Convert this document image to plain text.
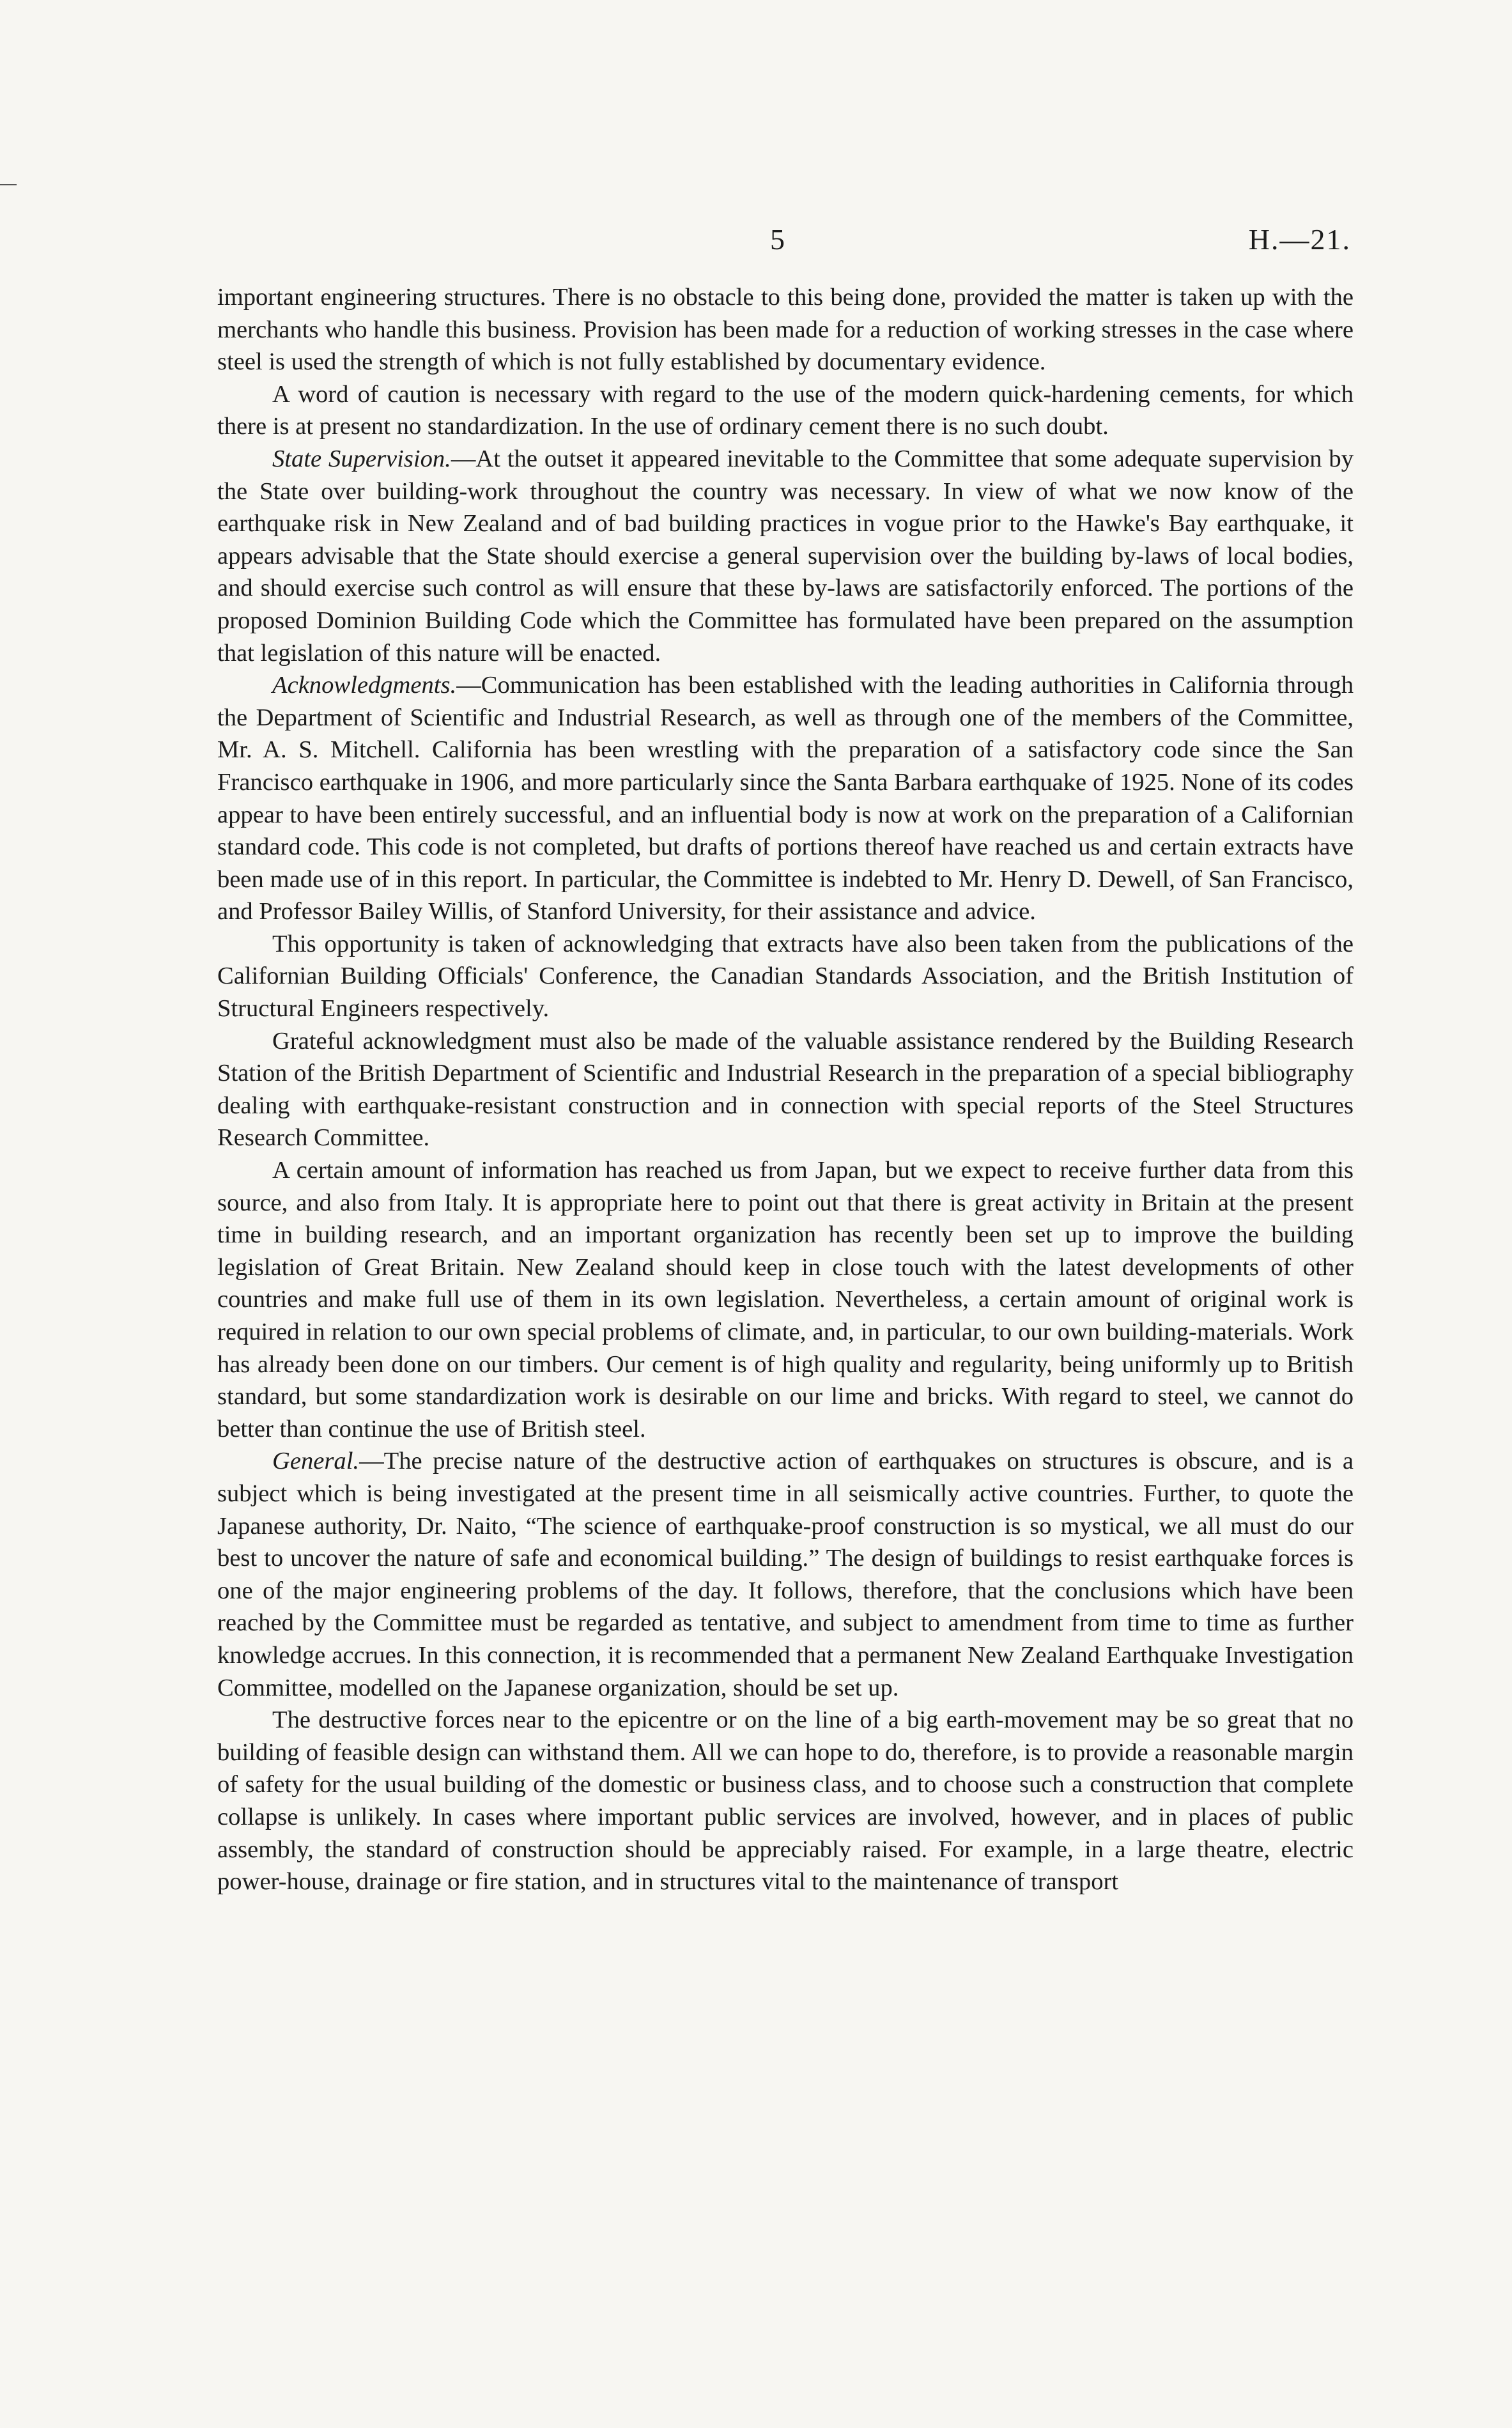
5	H.—21.

important engineering structures. There is no obstacle to this being done, provided the matter is taken up with the merchants who handle this business. Provision has been made for a reduction of working stresses in the case where steel is used the strength of which is not fully established by documentary evidence.

A word of caution is necessary with regard to the use of the modern quick-hardening cements, for which there is at present no standardization. In the use of ordinary cement there is no such doubt.

State Supervision.—At the outset it appeared inevitable to the Committee that some adequate supervision by the State over building-work throughout the country was necessary. In view of what we now know of the earthquake risk in New Zealand and of bad building practices in vogue prior to the Hawke's Bay earthquake, it appears advisable that the State should exercise a general supervision over the building by-laws of local bodies, and should exercise such control as will ensure that these by-laws are satisfactorily enforced. The portions of the proposed Dominion Building Code which the Committee has formulated have been prepared on the assumption that legislation of this nature will be enacted.

Acknowledgments.—Communication has been established with the leading authorities in California through the Department of Scientific and Industrial Research, as well as through one of the members of the Committee, Mr. A. S. Mitchell. California has been wrestling with the preparation of a satisfactory code since the San Francisco earthquake in 1906, and more particularly since the Santa Barbara earthquake of 1925. None of its codes appear to have been entirely successful, and an influential body is now at work on the preparation of a Californian standard code. This code is not completed, but drafts of portions thereof have reached us and certain extracts have been made use of in this report. In particular, the Committee is indebted to Mr. Henry D. Dewell, of San Francisco, and Professor Bailey Willis, of Stanford University, for their assistance and advice.

This opportunity is taken of acknowledging that extracts have also been taken from the publications of the Californian Building Officials' Conference, the Canadian Standards Association, and the British Institution of Structural Engineers respectively.

Grateful acknowledgment must also be made of the valuable assistance rendered by the Building Research Station of the British Department of Scientific and Industrial Research in the preparation of a special bibliography dealing with earthquake-resistant construction and in connection with special reports of the Steel Structures Research Committee.

A certain amount of information has reached us from Japan, but we expect to receive further data from this source, and also from Italy. It is appropriate here to point out that there is great activity in Britain at the present time in building research, and an important organization has recently been set up to improve the building legislation of Great Britain. New Zealand should keep in close touch with the latest developments of other countries and make full use of them in its own legislation. Nevertheless, a certain amount of original work is required in relation to our own special problems of climate, and, in particular, to our own building-materials. Work has already been done on our timbers. Our cement is of high quality and regularity, being uniformly up to British standard, but some standardization work is desirable on our lime and bricks. With regard to steel, we cannot do better than continue the use of British steel.

General.—The precise nature of the destructive action of earthquakes on structures is obscure, and is a subject which is being investigated at the present time in all seismically active countries. Further, to quote the Japanese authority, Dr. Naito, “The science of earthquake-proof construction is so mystical, we all must do our best to uncover the nature of safe and economical building.” The design of buildings to resist earthquake forces is one of the major engineering problems of the day. It follows, therefore, that the conclusions which have been reached by the Committee must be regarded as tentative, and subject to amendment from time to time as further knowledge accrues. In this connection, it is recommended that a permanent New Zealand Earthquake Investigation Committee, modelled on the Japanese organization, should be set up.

The destructive forces near to the epicentre or on the line of a big earth-movement may be so great that no building of feasible design can withstand them. All we can hope to do, therefore, is to provide a reasonable margin of safety for the usual building of the domestic or business class, and to choose such a construction that complete collapse is unlikely. In cases where important public services are involved, however, and in places of public assembly, the standard of construction should be appreciably raised. For example, in a large theatre, electric power-house, drainage or fire station, and in structures vital to the maintenance of transport
